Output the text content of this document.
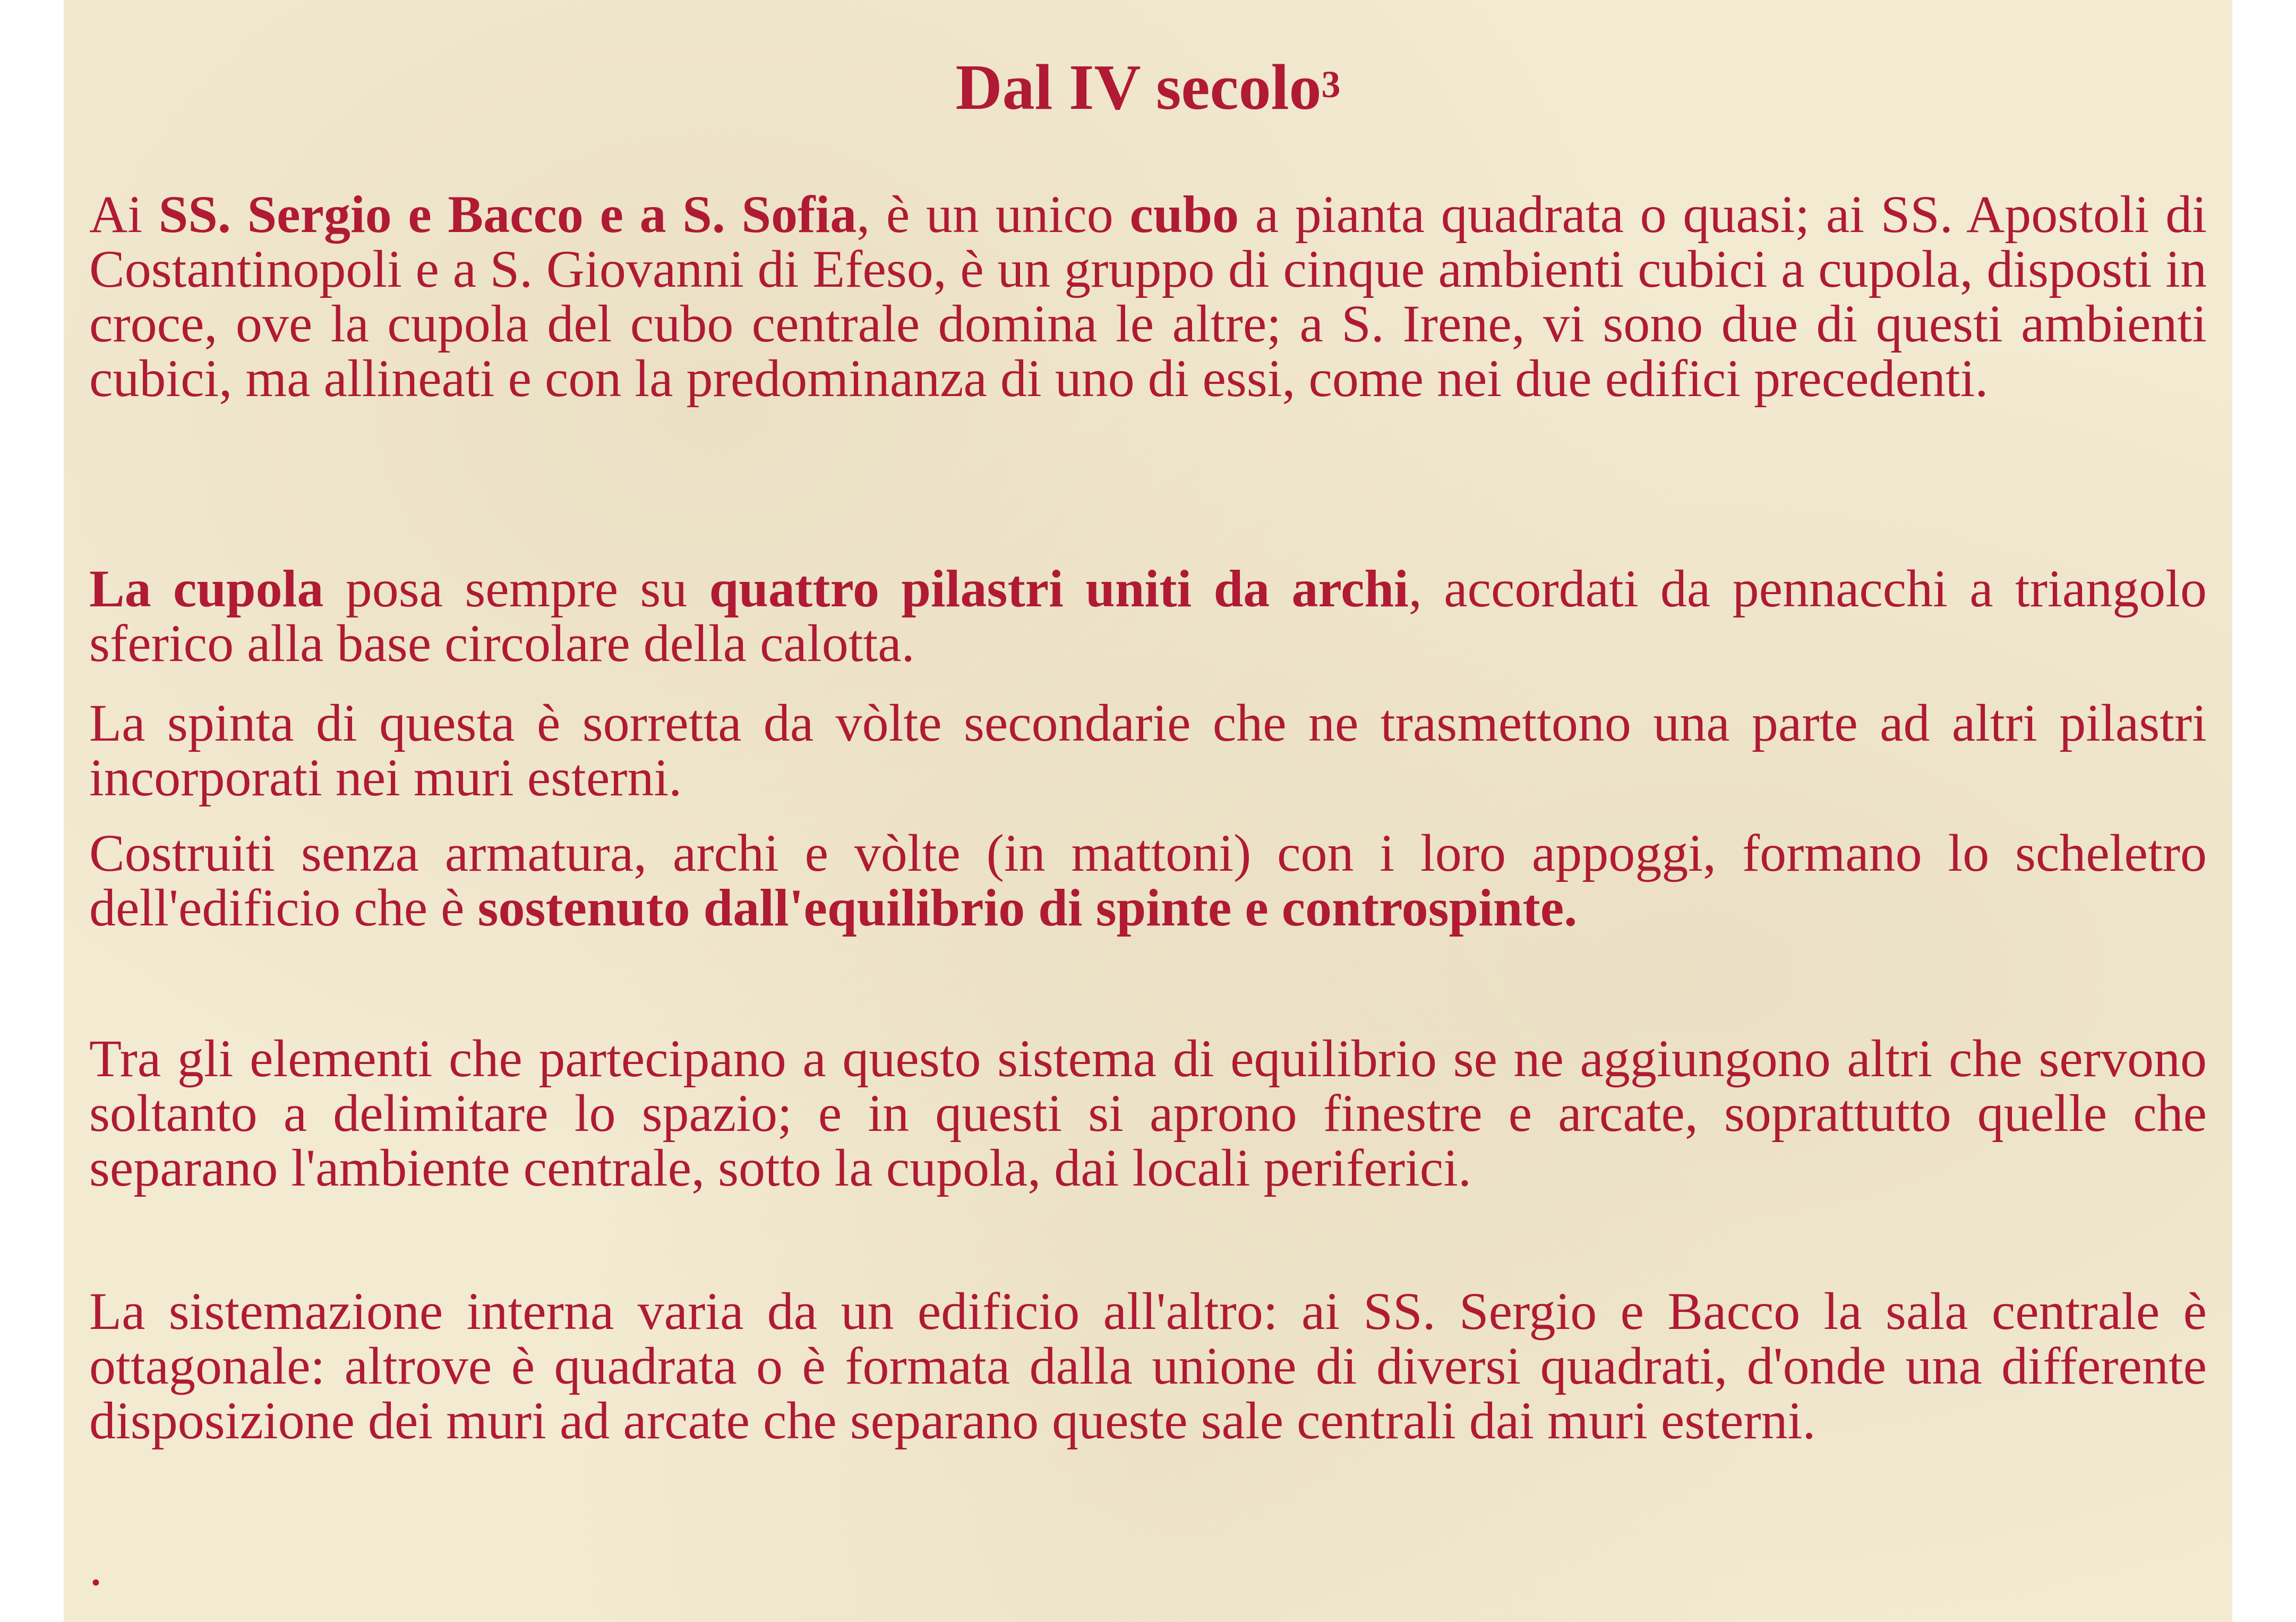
Dal IV secolo$^3$

Ai SS. Sergio e Bacco e a S. Sofia, è un unico cubo a pianta quadrata o quasi; ai SS. Apostoli di Costantinopoli e a S. Giovanni di Efeso, è un gruppo di cinque ambienti cubici a cupola, disposti in croce, ove la cupola del cubo centrale domina le altre; a S. Irene, vi sono due di questi ambienti cubici, ma allineati e con la predominanza di uno di essi, come nei due edifici precedenti.

La cupola posa sempre su quattro pilastri uniti da archi, accordati da pennacchi a triangolo sferico alla base circolare della calotta.

La spinta di questa è sorretta da vòlte secondarie che ne trasmettono una parte ad altri pilastri incorporati nei muri esterni.

Costruiti senza armatura, archi e vòlte (in mattoni) con i loro appoggi, formano lo scheletro dell'edificio che è sostenuto dall'equilibrio di spinte e controspinte.

Tra gli elementi che partecipano a questo sistema di equilibrio se ne aggiungono altri che servono soltanto a delimitare lo spazio; e in questi si aprono finestre e arcate, soprattutto quelle che separano l'ambiente centrale, sotto la cupola, dai locali periferici.

La sistemazione interna varia da un edificio all'altro: ai SS. Sergio e Bacco la sala centrale è ottagonale: altrove è quadrata o è formata dalla unione di diversi quadrati, d'onde una differente disposizione dei muri ad arcate che separano queste sale centrali dai muri esterni.

.
